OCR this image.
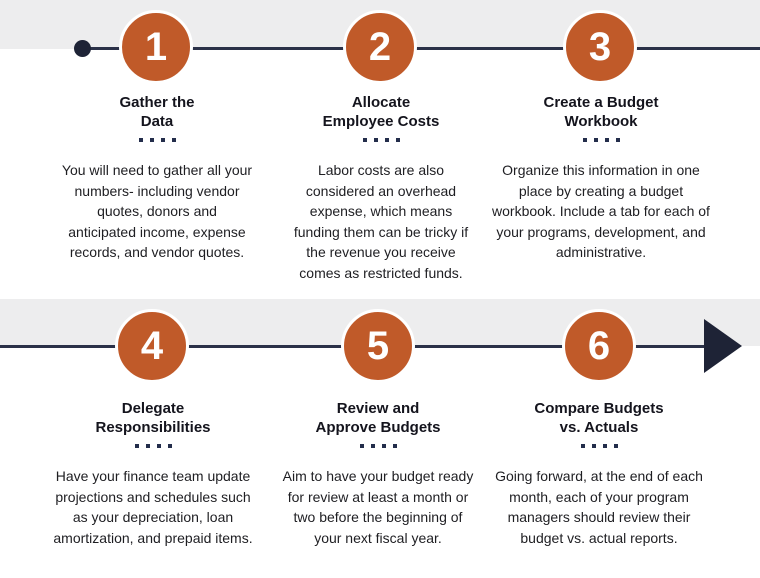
1	2	3
4	5	6
Gather the
Data

You will need to gather all your

numbers- including vendor

quotes, donors and

anticipated income, expense

records, and vendor quotes.

Allocate
Employee Costs

Labor costs are also

considered an overhead

expense, which means

funding them can be tricky if

the revenue you receive

comes as restricted funds.

Create a Budget
Workbook

Organize this information in one

place by creating a budget

workbook. Include a tab for each of

your programs, development, and

administrative.

Delegate
Responsibilities

Have your finance team update

projections and schedules such

as your depreciation, loan

amortization, and prepaid items.

Review and
Approve Budgets

Aim to have your budget ready

for review at least a month or

two before the beginning of

your next fiscal year.

Compare Budgets
vs. Actuals

Going forward, at the end of each

month, each of your program

managers should review their

budget vs. actual reports.
